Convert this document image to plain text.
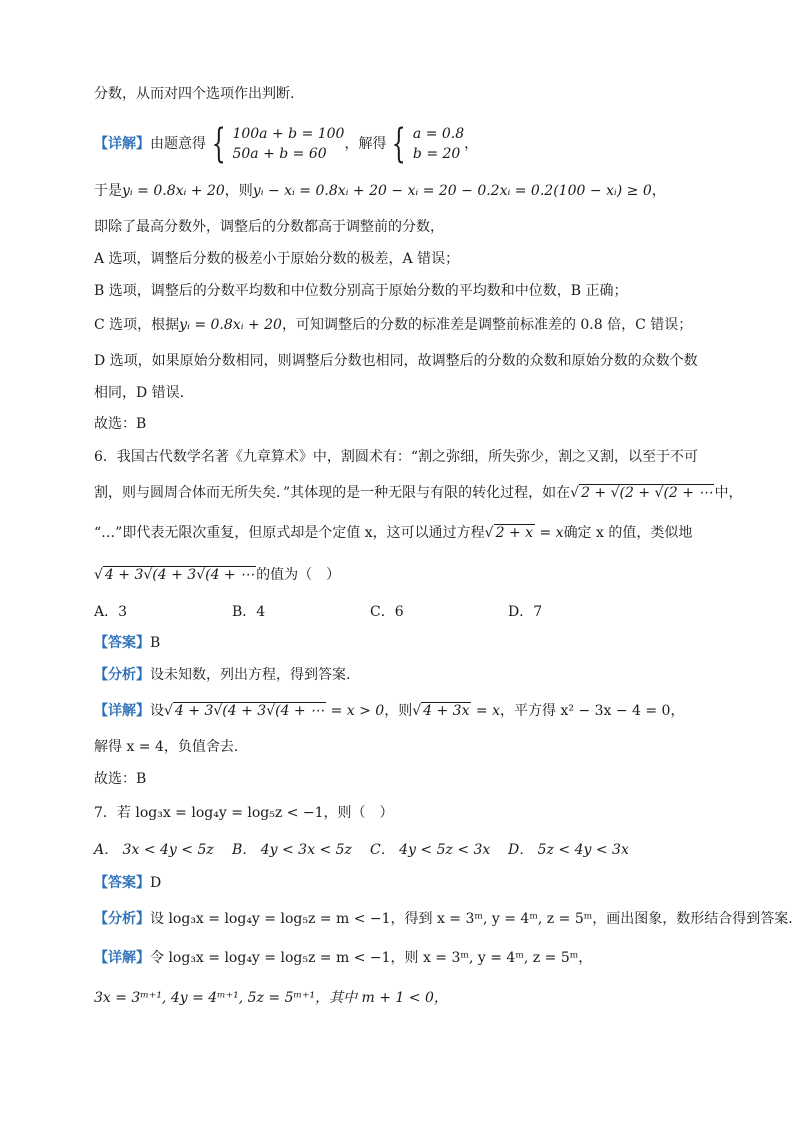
分数，从而对四个选项作出判断.
【详解】 由题意得 { 100a + b = 100
50a + b = 60
，解得 { a = 0.8
b = 20
，
于是yᵢ = 0.8xᵢ + 20，则yᵢ − xᵢ = 0.8xᵢ + 20 − xᵢ = 20 − 0.2xᵢ = 0.2(100 − xᵢ) ≥ 0，
即除了最高分数外，调整后的分数都高于调整前的分数，
A 选项，调整后分数的极差小于原始分数的极差，A 错误；
B 选项，调整后的分数平均数和中位数分别高于原始分数的平均数和中位数，B 正确；
C 选项，根据yᵢ = 0.8xᵢ + 20，可知调整后的分数的标准差是调整前标准差的 0.8 倍，C 错误；
D 选项，如果原始分数相同，则调整后分数也相同，故调整后的分数的众数和原始分数的众数个数
相同，D 错误.
故选：B
6．我国古代数学名著《九章算术》中，割圆术有：“割之弥细，所失弥少，割之又割，以至于不可
割，则与圆周合体而无所失矣．”其体现的是一种无限与有限的转化过程，如在√ 2 + √(2 + √(2 + ⋯ 中，
“…”即代表无限次重复，但原式却是个定值 x，这可以通过方程√ 2 + x = x确定 x 的值，类似地
√ 4 + 3√(4 + 3√(4 + ⋯ 的值为（　）
A．3	B．4	C．6	D．7
【答案】B
【分析】设未知数，列出方程，得到答案.
【详解】设√ 4 + 3√(4 + 3√(4 + ⋯ = x > 0，则√ 4 + 3x = x，平方得 x² − 3x − 4 = 0，
解得 x = 4，负值舍去.
故选：B
7．若 log₃x = log₄y = log₅z < −1，则（　）
A． 3x < 4y < 5z B． 4y < 3x < 5z C． 4y < 5z < 3x D． 5z < 4y < 3x
【答案】D
【分析】设 log₃x = log₄y = log₅z = m < −1，得到 x = 3ᵐ, y = 4ᵐ, z = 5ᵐ，画出图象，数形结合得到答案.
【详解】令 log₃x = log₄y = log₅z = m < −1，则 x = 3ᵐ, y = 4ᵐ, z = 5ᵐ，
3x = 3ᵐ⁺¹, 4y = 4ᵐ⁺¹, 5z = 5ᵐ⁺¹，其中 m + 1 < 0，
